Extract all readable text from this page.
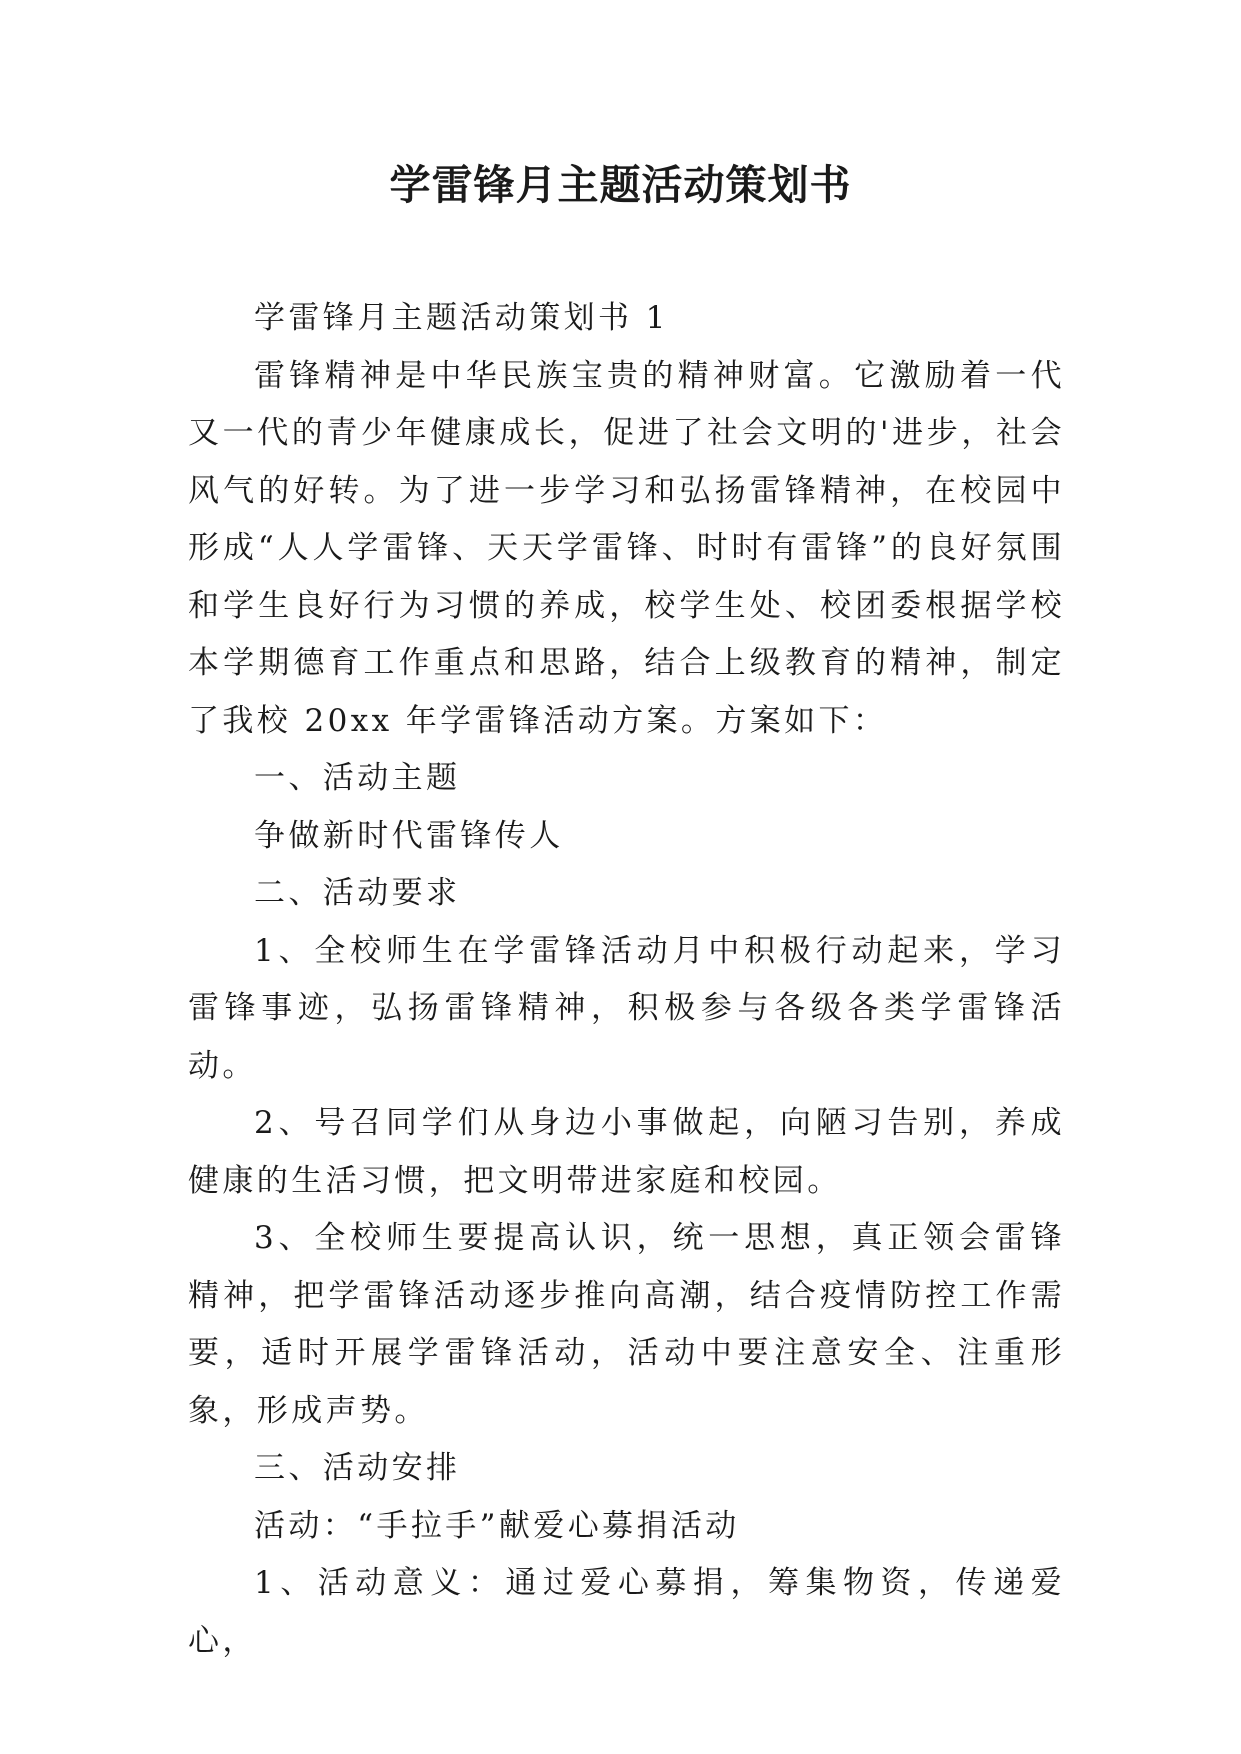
学雷锋月主题活动策划书

学雷锋月主题活动策划书 1

雷锋精神是中华民族宝贵的精神财富。它激励着一代又一代的青少年健康成长，促进了社会文明的'进步，社会风气的好转。为了进一步学习和弘扬雷锋精神，在校园中形成“人人学雷锋、天天学雷锋、时时有雷锋”的良好氛围和学生良好行为习惯的养成，校学生处、校团委根据学校本学期德育工作重点和思路，结合上级教育的精神，制定了我校 20xx 年学雷锋活动方案。方案如下：

一、活动主题

争做新时代雷锋传人

二、活动要求

1、全校师生在学雷锋活动月中积极行动起来，学习雷锋事迹，弘扬雷锋精神，积极参与各级各类学雷锋活动。

2、号召同学们从身边小事做起，向陋习告别，养成健康的生活习惯，把文明带进家庭和校园。

3、全校师生要提高认识，统一思想，真正领会雷锋精神，把学雷锋活动逐步推向高潮，结合疫情防控工作需要，适时开展学雷锋活动，活动中要注意安全、注重形象，形成声势。

三、活动安排

活动：“手拉手”献爱心募捐活动

1、活动意义：通过爱心募捐，筹集物资，传递爱心，
